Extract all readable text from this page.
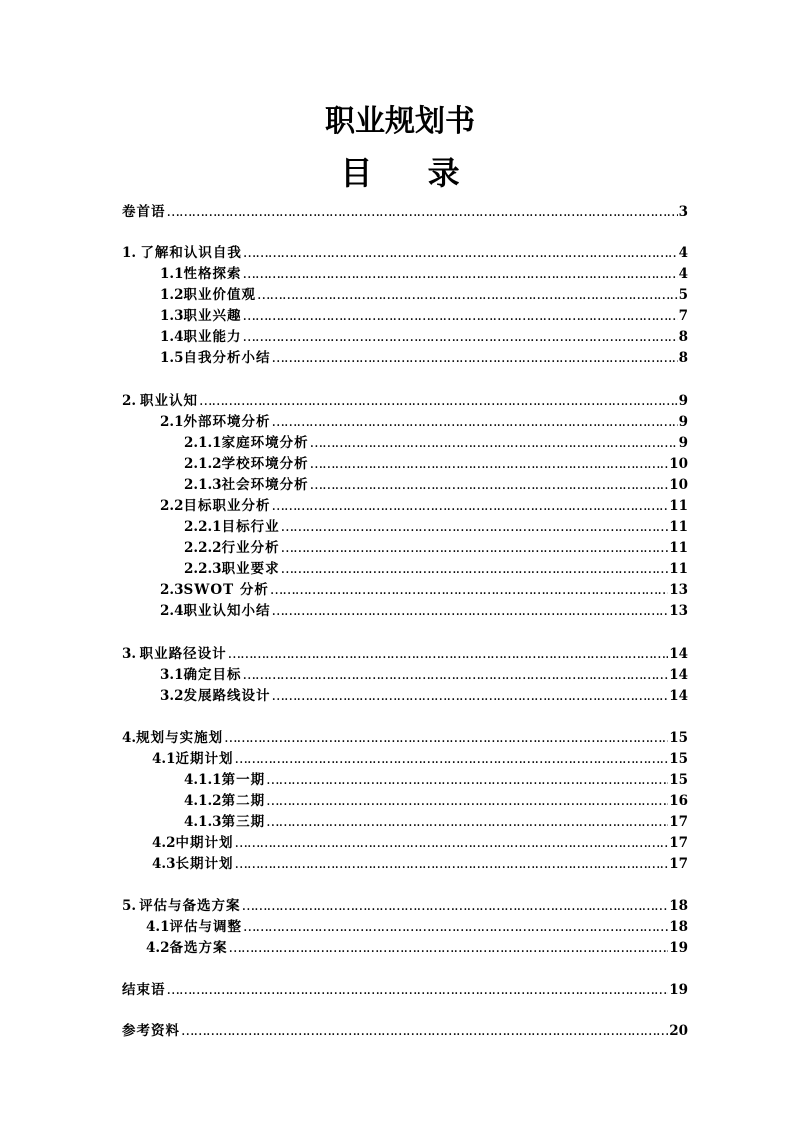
职业规划书
目 录
卷首语 ……………………………………………………………………………………………………………………………………………………………………………………	3
1. 了解和认识自我 ……………………………………………………………………………………………………………………………………………………………………………………	4
1.1 性格探索 ……………………………………………………………………………………………………………………………………………………………………………………	4
1.2 职业价值观 ……………………………………………………………………………………………………………………………………………………………………………………	5
1.3 职业兴趣 ……………………………………………………………………………………………………………………………………………………………………………………	7
1.4 职业能力 ……………………………………………………………………………………………………………………………………………………………………………………	8
1.5 自我分析小结 ……………………………………………………………………………………………………………………………………………………………………………………	8
2. 职业认知 ……………………………………………………………………………………………………………………………………………………………………………………	9
2.1 外部环境分析 ……………………………………………………………………………………………………………………………………………………………………………………	9
2.1.1 家庭环境分析 ……………………………………………………………………………………………………………………………………………………………………………………	9
2.1.2 学校环境分析 ……………………………………………………………………………………………………………………………………………………………………………………	10
2.1.3 社会环境分析 ……………………………………………………………………………………………………………………………………………………………………………………	10
2.2 目标职业分析 ……………………………………………………………………………………………………………………………………………………………………………………	11
2.2.1 目标行业 ……………………………………………………………………………………………………………………………………………………………………………………	11
2.2.2 行业分析 ……………………………………………………………………………………………………………………………………………………………………………………	11
2.2.3 职业要求 ……………………………………………………………………………………………………………………………………………………………………………………	11
2.3 SWOT 分析 ……………………………………………………………………………………………………………………………………………………………………………………	13
2.4 职业认知小结 ……………………………………………………………………………………………………………………………………………………………………………………	13
3. 职业路径设计 ……………………………………………………………………………………………………………………………………………………………………………………	14
3.1 确定目标 ……………………………………………………………………………………………………………………………………………………………………………………	14
3.2 发展路线设计 ……………………………………………………………………………………………………………………………………………………………………………………	14
4. 规划与实施划 ……………………………………………………………………………………………………………………………………………………………………………………	15
4.1 近期计划 ……………………………………………………………………………………………………………………………………………………………………………………	15
4.1.1 第一期 ……………………………………………………………………………………………………………………………………………………………………………………	15
4.1.2 第二期 ……………………………………………………………………………………………………………………………………………………………………………………	16
4.1.3 第三期 ……………………………………………………………………………………………………………………………………………………………………………………	17
4.2 中期计划 ……………………………………………………………………………………………………………………………………………………………………………………	17
4.3 长期计划 ……………………………………………………………………………………………………………………………………………………………………………………	17
5. 评估与备选方案 ……………………………………………………………………………………………………………………………………………………………………………………	18
4.1 评估与调整 ……………………………………………………………………………………………………………………………………………………………………………………	18
4.2 备选方案 ……………………………………………………………………………………………………………………………………………………………………………………	19
结束语 ……………………………………………………………………………………………………………………………………………………………………………………	19
参考资料 ……………………………………………………………………………………………………………………………………………………………………………………	20
